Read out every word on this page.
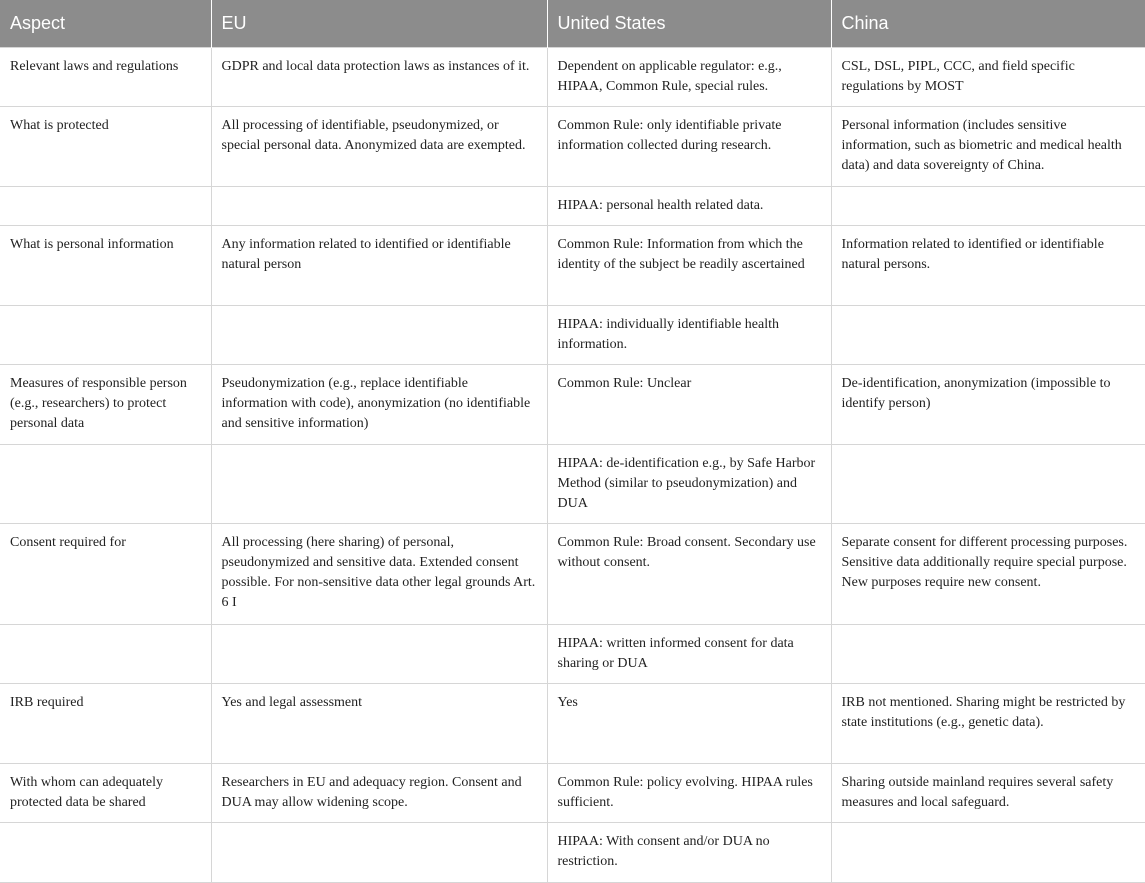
Aspect	EU	United States	China
Relevant laws and regulations	GDPR and local data protection laws as instances of it.	Dependent on applicable regulator: e.g., HIPAA, Common Rule, special rules.	CSL, DSL, PIPL, CCC, and field specific regulations by MOST
What is protected	All processing of identifiable, pseudonymized, or special personal data. Anonymized data are exempted.	Common Rule: only identifiable private information collected during research.	Personal information (includes sensitive information, such as biometric and medical health data) and data sovereignty of China.
		HIPAA: personal health related data.	
What is personal information	Any information related to identified or identifiable natural person	Common Rule: Information from which the identity of the subject be readily ascertained	Information related to identified or identifiable natural persons.
		HIPAA: individually identifiable health information.	
Measures of responsible person (e.g., researchers) to protect personal data	Pseudonymization (e.g., replace identifiable information with code), anonymization (no identifiable and sensitive information)	Common Rule: Unclear	De-identification, anonymization (impossible to identify person)
		HIPAA: de-identification e.g., by Safe Harbor Method (similar to pseudonymization) and DUA	
Consent required for	All processing (here sharing) of personal, pseudonymized and sensitive data. Extended consent possible. For non-sensitive data other legal grounds Art. 6 I	Common Rule: Broad consent. Secondary use without consent.	Separate consent for different processing purposes. Sensitive data additionally require special purpose. New purposes require new consent.
		HIPAA: written informed consent for data sharing or DUA	
IRB required	Yes and legal assessment	Yes	IRB not mentioned. Sharing might be restricted by state institutions (e.g., genetic data).
With whom can adequately protected data be shared	Researchers in EU and adequacy region. Consent and DUA may allow widening scope.	Common Rule: policy evolving. HIPAA rules sufficient.	Sharing outside mainland requires several safety measures and local safeguard.
		HIPAA: With consent and/or DUA no restriction.	
